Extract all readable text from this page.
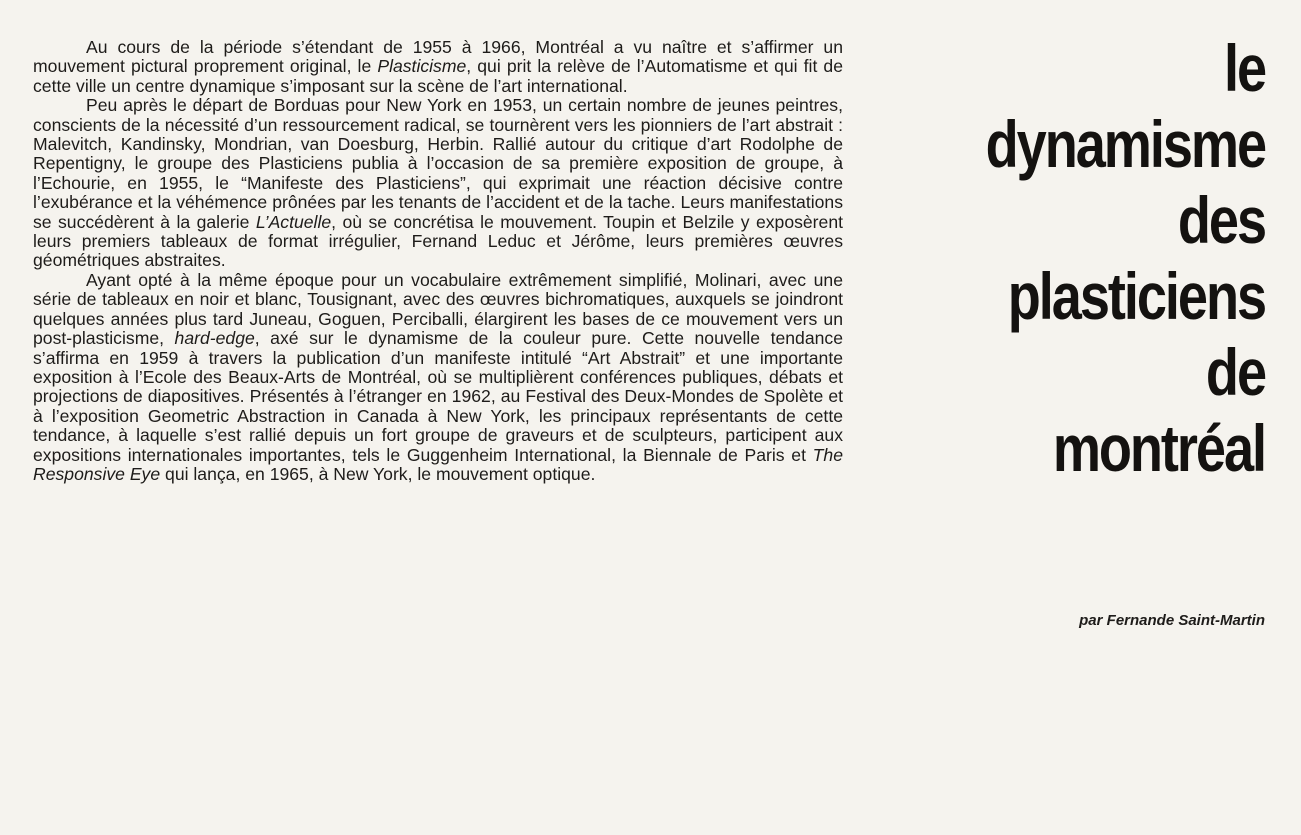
Au cours de la période s’étendant de 1955 à 1966, Montréal a vu naître et s’affirmer un mouvement pictural proprement original, le Plasticisme, qui prit la relève de l’Automatisme et qui fit de cette ville un centre dynamique s’imposant sur la scène de l’art international.

Peu après le départ de Borduas pour New York en 1953, un certain nombre de jeunes peintres, conscients de la nécessité d’un ressourcement radical, se tournèrent vers les pionniers de l’art abstrait : Malevitch, Kandinsky, Mondrian, van Doesburg, Herbin. Rallié autour du critique d’art Rodolphe de Repentigny, le groupe des Plasticiens publia à l’occasion de sa première exposition de groupe, à l’Echourie, en 1955, le “Manifeste des Plasticiens”, qui exprimait une réaction décisive contre l’exubérance et la véhémence prônées par les tenants de l’accident et de la tache. Leurs manifestations se succédèrent à la galerie L’Actuelle, où se concrétisa le mouvement. Toupin et Belzile y exposèrent leurs premiers tableaux de format irrégulier, Fernand Leduc et Jérôme, leurs premières œuvres géométriques abstraites.

Ayant opté à la même époque pour un vocabulaire extrêmement simplifié, Molinari, avec une série de tableaux en noir et blanc, Tousignant, avec des œuvres bichromatiques, auxquels se joindront quelques années plus tard Juneau, Goguen, Perciballi, élargirent les bases de ce mouvement vers un post-plasticisme, hard-edge, axé sur le dynamisme de la couleur pure. Cette nouvelle tendance s’affirma en 1959 à travers la publication d’un manifeste intitulé “Art Abstrait” et une importante exposition à l’Ecole des Beaux-Arts de Montréal, où se multiplièrent conférences publiques, débats et projections de diapositives. Présentés à l’étranger en 1962, au Festival des Deux-Mondes de Spolète et à l’exposition Geometric Abstraction in Canada à New York, les principaux représentants de cette tendance, à laquelle s’est rallié depuis un fort groupe de graveurs et de sculpteurs, participent aux expositions internationales importantes, tels le Guggenheim International, la Biennale de Paris et The Responsive Eye qui lança, en 1965, à New York, le mouvement optique.

le dynamisme
des
plasticiens
de
montréal
par Fernande Saint-Martin
